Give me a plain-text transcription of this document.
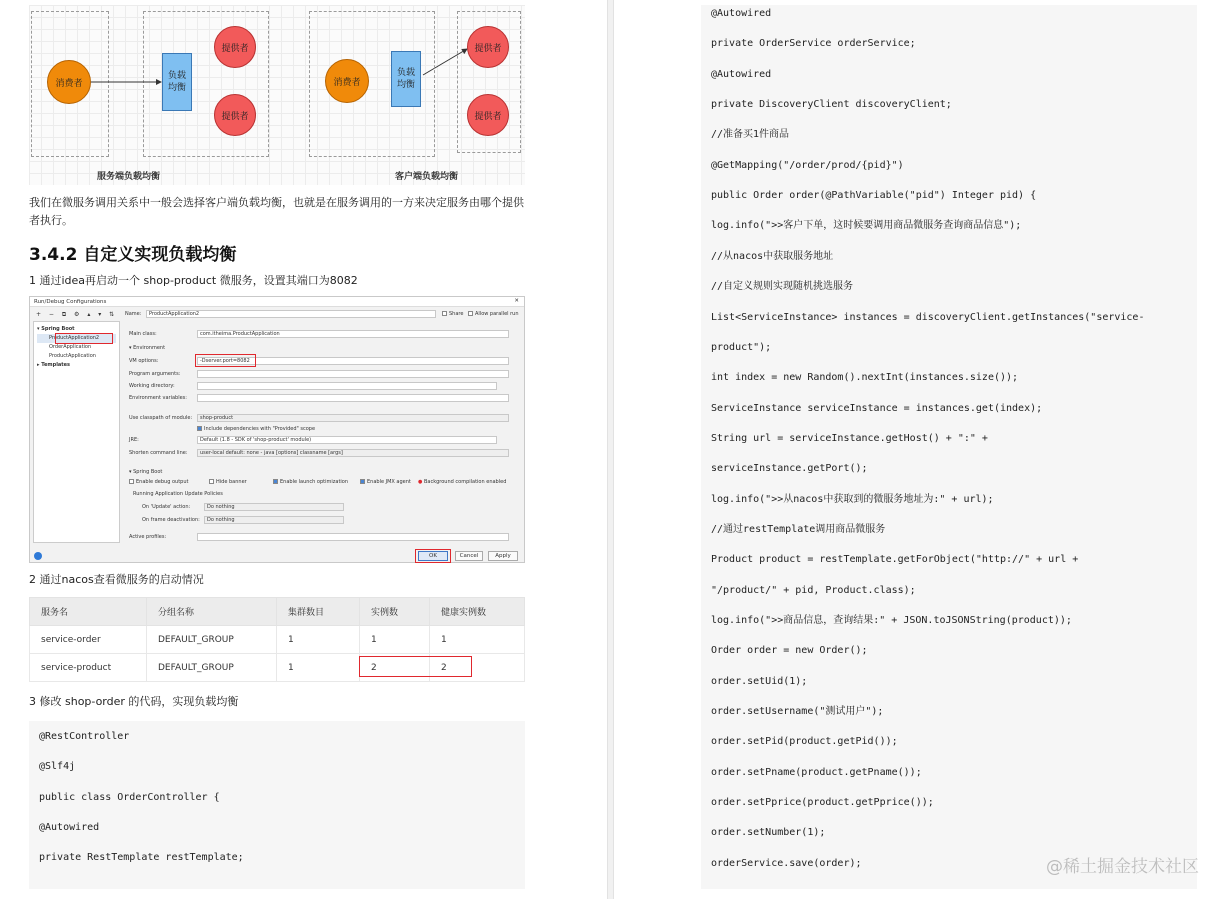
消费者
负载
均衡
提供者
提供者
服务端负载均衡
消费者
负载
均衡
提供者
提供者
客户端负载均衡
我们在微服务调用关系中一般会选择客户端负载均衡，也就是在服务调用的一方来决定服务由哪个提供者执行。
3.4.2 自定义实现负载均衡
1 通过idea再启动一个 shop-product 微服务，设置其端口为8082
Run/Debug Configurations	✕
+ − ⧉ ⚙ ▴ ▾ ⇅ Name:	ProductApplication2	Share	Allow parallel run
▾ Spring Boot
ProductApplication2
OrderApplication
ProductApplication
▸ Templates
Main class:	com.itheima.ProductApplication
▾ Environment
VM options:	-Dserver.port=8082
Program arguments:
Working directory:
Environment variables:
Use classpath of module:	shop-product
Include dependencies with "Provided" scope
JRE:	Default (1.8 - SDK of 'shop-product' module)
Shorten command line:	user-local default: none - java [options] classname [args]
▾ Spring Boot
Enable debug output	Hide banner	Enable launch optimization	Enable JMX agent ● Background compilation enabled
Running Application Update Policies
On 'Update' action:	Do nothing
On frame deactivation:	Do nothing
Active profiles:
OK	Cancel	Apply
2 通过nacos查看微服务的启动情况
服务名	分组名称	集群数目	实例数	健康实例数
service-order	DEFAULT_GROUP	1	1	1
service-product	DEFAULT_GROUP	1	2	2
3 修改 shop-order 的代码，实现负载均衡
@RestController
@Slf4j
public class OrderController {
@Autowired
private RestTemplate restTemplate;
@Autowired
private OrderService orderService;
@Autowired
private DiscoveryClient discoveryClient;
//准备买1件商品
@GetMapping("/order/prod/{pid}")
public Order order(@PathVariable("pid") Integer pid) {
log.info(">>客户下单，这时候要调用商品微服务查询商品信息");
//从nacos中获取服务地址
//自定义规则实现随机挑选服务
List<ServiceInstance> instances = discoveryClient.getInstances("service-
product");
int index = new Random().nextInt(instances.size());
ServiceInstance serviceInstance = instances.get(index);
String url = serviceInstance.getHost() + ":" +
serviceInstance.getPort();
log.info(">>从nacos中获取到的微服务地址为:" + url);
//通过restTemplate调用商品微服务
Product product = restTemplate.getForObject("http://" + url +
"/product/" + pid, Product.class);
log.info(">>商品信息，查询结果:" + JSON.toJSONString(product));
Order order = new Order();
order.setUid(1);
order.setUsername("测试用户");
order.setPid(product.getPid());
order.setPname(product.getPname());
order.setPprice(product.getPprice());
order.setNumber(1);
orderService.save(order);	@稀土掘金技术社区
